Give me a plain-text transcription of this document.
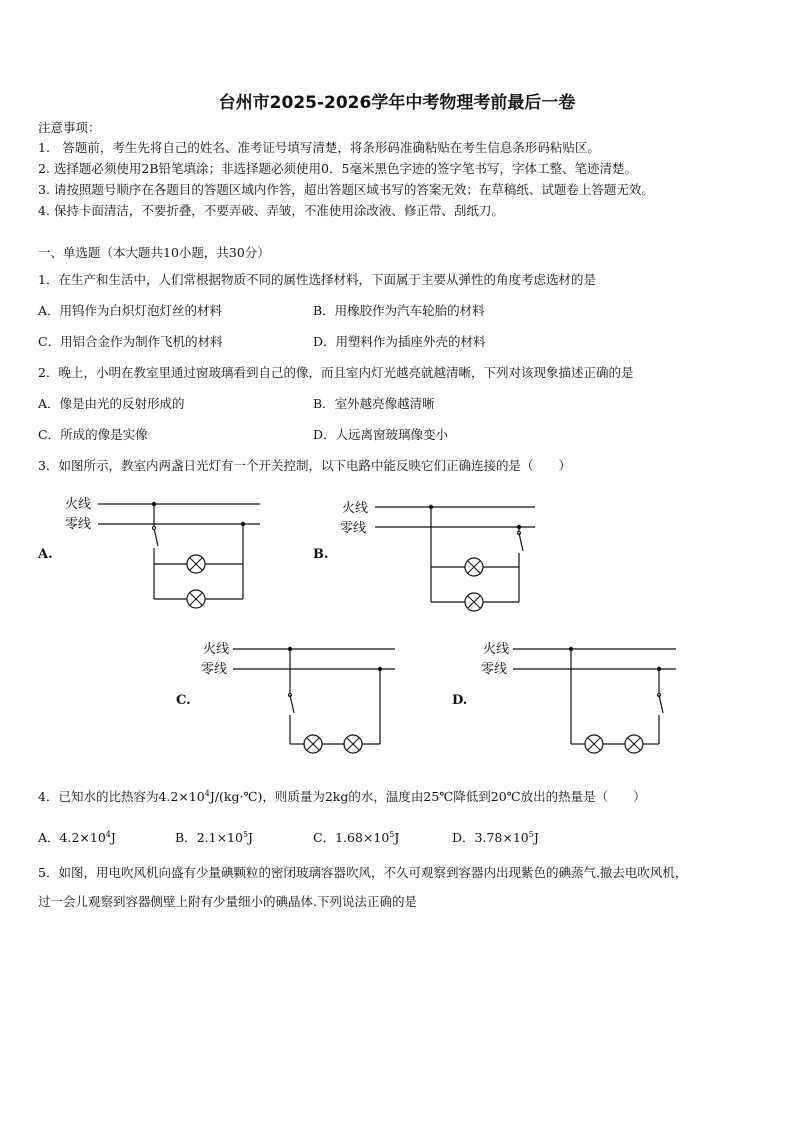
台州市2025-2026学年中考物理考前最后一卷
注意事项：
1.　答题前，考生先将自己的姓名、准考证号填写清楚，将条形码准确粘贴在考生信息条形码粘贴区。
2. 选择题必须使用2B铅笔填涂；非选择题必须使用0．5毫米黑色字迹的签字笔书写，字体工整、笔迹清楚。
3. 请按照题号顺序在各题目的答题区域内作答，超出答题区域书写的答案无效；在草稿纸、试题卷上答题无效。
4. 保持卡面清洁，不要折叠，不要弄破、弄皱，不准使用涂改液、修正带、刮纸刀。
一、单选题（本大题共10小题，共30分）
1．在生产和生活中，人们常根据物质不同的属性选择材料，下面属于主要从弹性的角度考虑选材的是
A．用钨作为白炽灯泡灯丝的材料	B．用橡胶作为汽车轮胎的材料
C．用铝合金作为制作飞机的材料	D．用塑料作为插座外壳的材料
2．晚上，小明在教室里通过窗玻璃看到自己的像，而且室内灯光越亮就越清晰，下列对该现象描述正确的是
A．像是由光的反射形成的	B．室外越亮像越清晰
C．所成的像是实像	D．人远离窗玻璃像变小
3．如图所示，教室内两盏日光灯有一个开关控制，以下电路中能反映它们正确连接的是（　　）
A.
火线
零线
B.
火线
零线
C.
火线
零线
D.
火线
零线
4．已知水的比热容为$4.2\times 10^4J/(kg\cdot℃)$，则质量为2kg的水，温度由25℃降低到20℃放出的热量是（　　）
A．$4.2\times 10^4J$	B．$2.1\times 10^5J$	C．$1.68\times 10^5J$	D．$3.78\times 10^5J$
5．如图，用电吹风机向盛有少量碘颗粒的密闭玻璃容器吹风，不久可观察到容器内出现紫色的碘蒸气.撤去电吹风机，
过一会儿观察到容器侧壁上附有少量细小的碘晶体.下列说法正确的是
